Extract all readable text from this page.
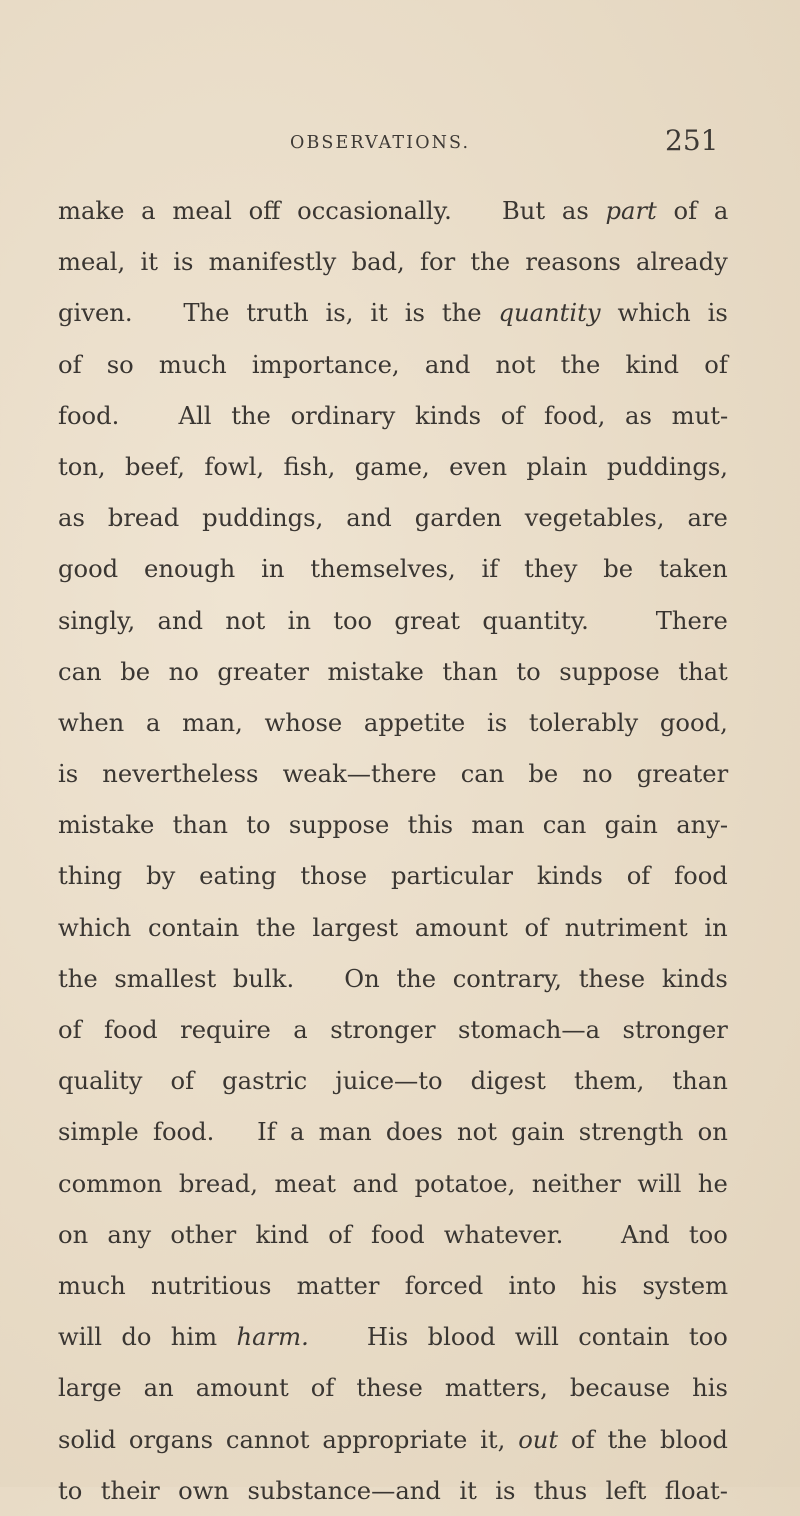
OBSERVATIONS.	251
make a meal off occasionally.   But as part of a
meal, it is manifestly bad, for the reasons already
given.   The truth is, it is the quantity which is
of so much importance, and not the kind of
food.   All the ordinary kinds of food, as mut-
ton, beef, fowl, fish, game, even plain puddings,
as bread puddings, and garden vegetables, are
good enough in themselves, if they be taken
singly, and not in too great quantity.   There
can be no greater mistake than to suppose that
when a man, whose appetite is tolerably good,
is nevertheless weak—there can be no greater
mistake than to suppose this man can gain any-
thing by eating those particular kinds of food
which contain the largest amount of nutriment in
the smallest bulk.   On the contrary, these kinds
of food require a stronger stomach—a stronger
quality of gastric juice—to digest them, than
simple food.   If a man does not gain strength on
common bread, meat and potatoe, neither will he
on any other kind of food whatever.   And too
much nutritious matter forced into his system
will do him harm.   His blood will contain too
large an amount of these matters, because his
solid organs cannot appropriate it, out of the blood
to their own substance—and it is thus left float-
